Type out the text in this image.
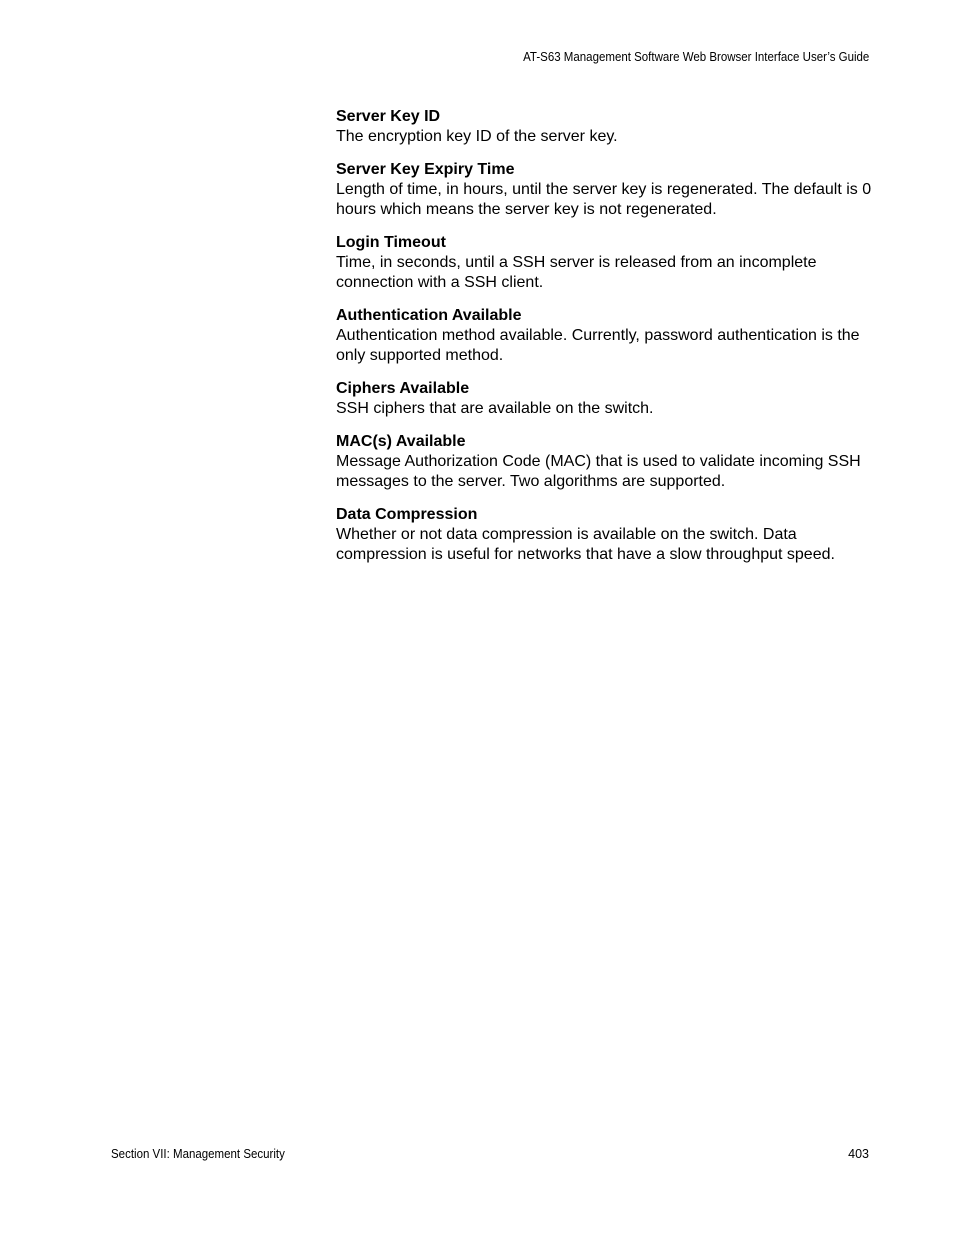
AT-S63 Management Software Web Browser Interface User’s Guide
Server Key ID
The encryption key ID of the server key.
Server Key Expiry Time
Length of time, in hours, until the server key is regenerated. The default is 0 hours which means the server key is not regenerated.
Login Timeout
Time, in seconds, until a SSH server is released from an incomplete connection with a SSH client.
Authentication Available
Authentication method available. Currently, password authentication is the only supported method.
Ciphers Available
SSH ciphers that are available on the switch.
MAC(s) Available
Message Authorization Code (MAC) that is used to validate incoming SSH messages to the server. Two algorithms are supported.
Data Compression
Whether or not data compression is available on the switch. Data compression is useful for networks that have a slow throughput speed.
Section VII: Management Security	403
